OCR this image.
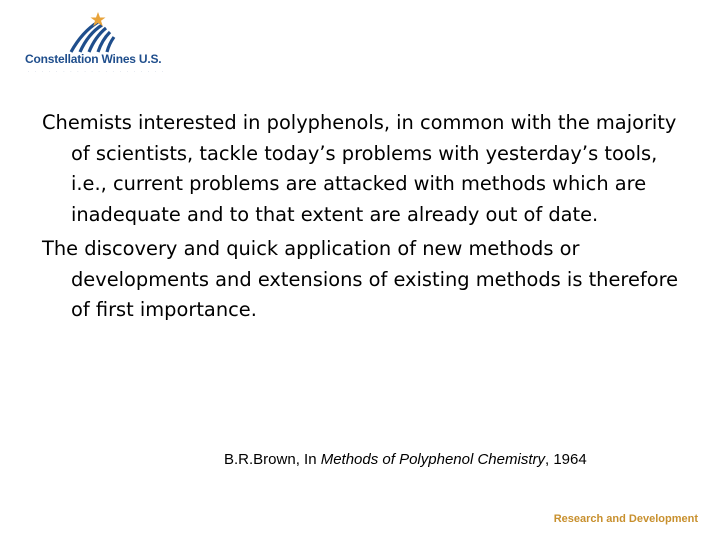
Constellation Wines U.S.
· · · · · · · · · · · · · · · · · · · ·

Chemists interested in polyphenols, in common with the majority of scientists, tackle today’s problems with yesterday’s tools, i.e., current problems are attacked with methods which are inadequate and to that extent are already out of date.

The discovery and quick application of new methods or developments and extensions of existing methods is therefore of first importance.

B.R.Brown, In Methods of Polyphenol Chemistry, 1964
Research and Development
